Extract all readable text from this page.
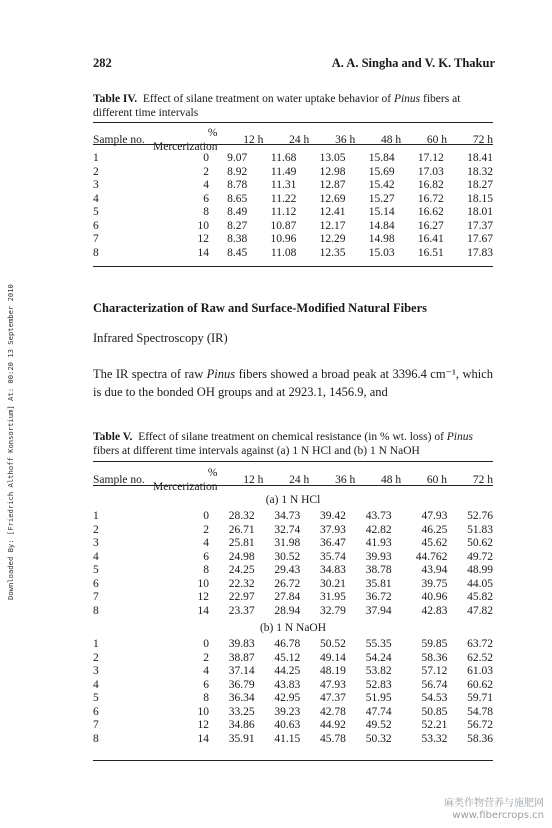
282	A. A. Singha and V. K. Thakur
Downloaded By: [Friedrich Althoff Konsortium] At: 00:20 13 September 2010
Table IV. Effect of silane treatment on water uptake behavior of Pinus fibers at different time intervals
Sample no.	% Mercerization	12 h	24 h	36 h	48 h	60 h	72 h
1	0	9.07	11.68	13.05	15.84	17.12	18.41
2	2	8.92	11.49	12.98	15.69	17.03	18.32
3	4	8.78	11.31	12.87	15.42	16.82	18.27
4	6	8.65	11.22	12.69	15.27	16.72	18.15
5	8	8.49	11.12	12.41	15.14	16.62	18.01
6	10	8.27	10.87	12.17	14.84	16.27	17.37
7	12	8.38	10.96	12.29	14.98	16.41	17.67
8	14	8.45	11.08	12.35	15.03	16.51	17.83
Characterization of Raw and Surface-Modified Natural Fibers
Infrared Spectroscopy (IR)
The IR spectra of raw Pinus fibers showed a broad peak at 3396.4 cm⁻¹, which is due to the bonded OH groups and at 2923.1, 1456.9, and
Table V. Effect of silane treatment on chemical resistance (in % wt. loss) of Pinus fibers at different time intervals against (a) 1 N HCl and (b) 1 N NaOH
Sample no.	% Mercerization	12 h	24 h	36 h	48 h	60 h	72 h
(a) 1 N HCl							
1	0	28.32	34.73	39.42	43.73	47.93	52.76
2	2	26.71	32.74	37.93	42.82	46.25	51.83
3	4	25.81	31.98	36.47	41.93	45.62	50.62
4	6	24.98	30.52	35.74	39.93	44.762	49.72
5	8	24.25	29.43	34.83	38.78	43.94	48.99
6	10	22.32	26.72	30.21	35.81	39.75	44.05
7	12	22.97	27.84	31.95	36.72	40.96	45.82
8	14	23.37	28.94	32.79	37.94	42.83	47.82
(b) 1 N NaOH							
1	0	39.83	46.78	50.52	55.35	59.85	63.72
2	2	38.87	45.12	49.14	54.24	58.36	62.52
3	4	37.14	44.25	48.19	53.82	57.12	61.03
4	6	36.79	43.83	47.93	52.83	56.74	60.62
5	8	36.34	42.95	47.37	51.95	54.53	59.71
6	10	33.25	39.23	42.78	47.74	50.85	54.78
7	12	34.86	40.63	44.92	49.52	52.21	56.72
8	14	35.91	41.15	45.78	50.32	53.32	58.36
麻类作物营养与施肥网
www.fibercrops.cn
